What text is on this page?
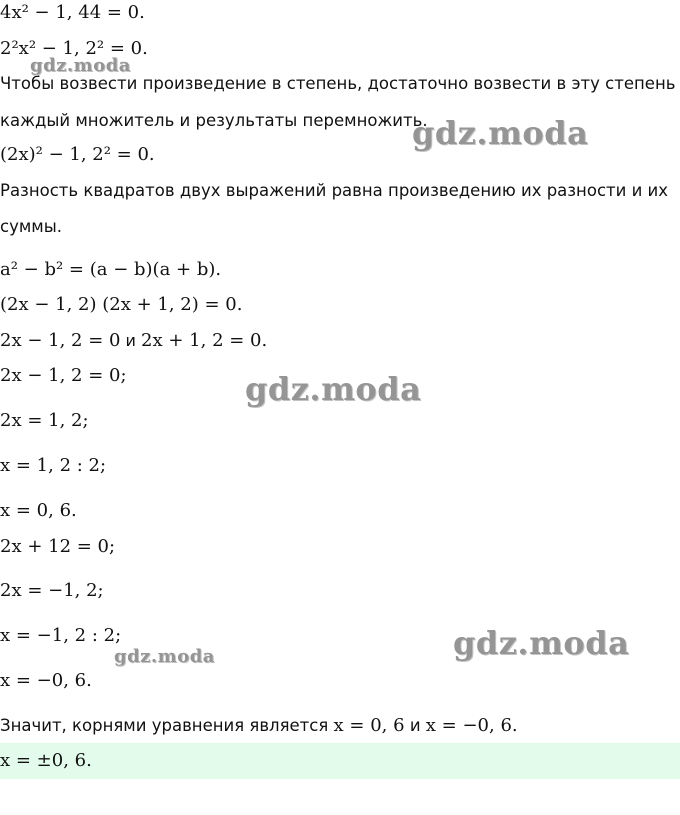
4x² − 1, 44 = 0.
2²x² − 1, 2² = 0.
Чтобы возвести произведение в степень, достаточно возвести в эту степень
каждый множитель и результаты перемножить.
(2x)² − 1, 2² = 0.
Разность квадратов двух выражений равна произведению их разности и их
суммы.
a² − b² = (a − b)(a + b).
(2x − 1, 2) (2x + 1, 2) = 0.
2x − 1, 2 = 0 и 2x + 1, 2 = 0.
2x − 1, 2 = 0;
2x = 1, 2;
x = 1, 2 : 2;
x = 0, 6.
2x + 12 = 0;
2x = −1, 2;
x = −1, 2 : 2;
x = −0, 6.
Значит, корнями уравнения является x = 0, 6 и x = −0, 6.
x = ±0, 6.
gdz.moda
gdz.moda
gdz.moda
gdz.moda
gdz.moda
